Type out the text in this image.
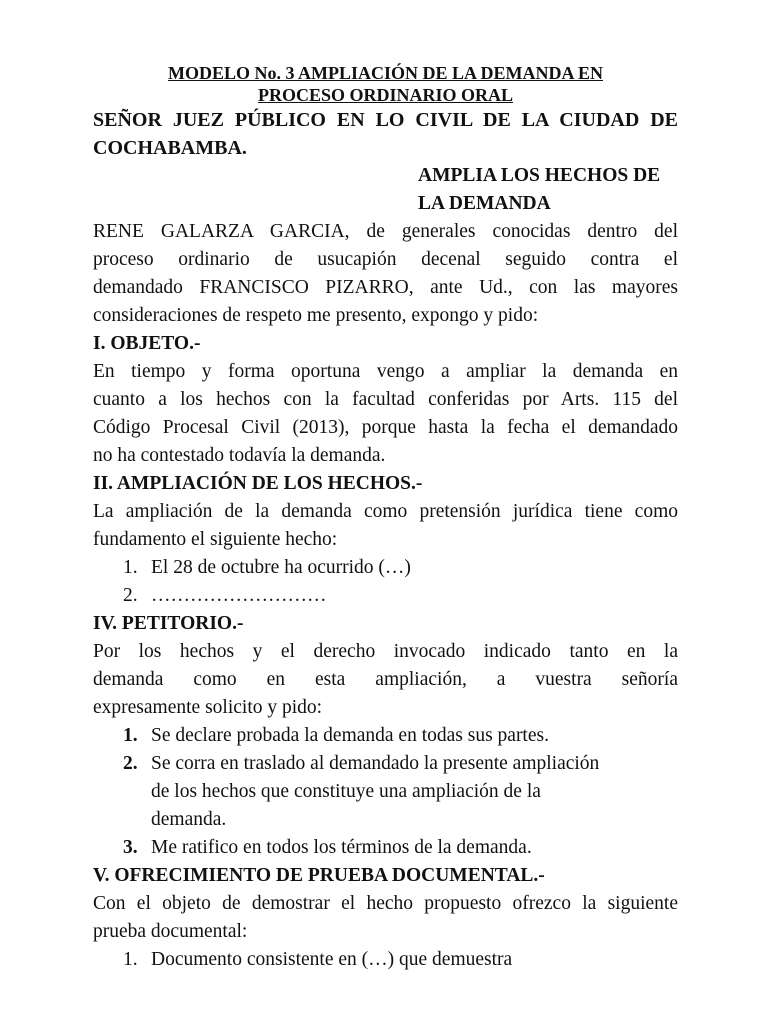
MODELO No. 3 AMPLIACIÓN DE LA DEMANDA EN
PROCESO ORDINARIO ORAL
SEÑOR JUEZ PÚBLICO EN LO CIVIL DE LA CIUDAD DE
COCHABAMBA.
AMPLIA LOS HECHOS DE
LA DEMANDA
RENE GALARZA GARCIA, de generales conocidas dentro del
proceso ordinario de usucapión decenal seguido contra el
demandado FRANCISCO PIZARRO, ante Ud., con las mayores
consideraciones de respeto me presento, expongo y pido:
I. OBJETO.-
En tiempo y forma oportuna vengo a ampliar la demanda en
cuanto a los hechos con la facultad conferidas por Arts. 115 del
Código Procesal Civil (2013), porque hasta la fecha el demandado
no ha contestado todavía la demanda.
II. AMPLIACIÓN DE LOS HECHOS.-
La ampliación de la demanda como pretensión jurídica tiene como
fundamento el siguiente hecho:
1. El 28 de octubre ha ocurrido (…)
2. ………………………
IV. PETITORIO.-
Por los hechos y el derecho invocado indicado tanto en la
demanda como en esta ampliación, a vuestra señoría
expresamente solicito y pido:
1. Se declare probada la demanda en todas sus partes.
2. Se corra en traslado al demandado la presente ampliación
de los hechos que constituye una ampliación de la
demanda.
3. Me ratifico en todos los términos de la demanda.
V. OFRECIMIENTO DE PRUEBA DOCUMENTAL.-
Con el objeto de demostrar el hecho propuesto ofrezco la siguiente
prueba documental:
1. Documento consistente en (…) que demuestra
